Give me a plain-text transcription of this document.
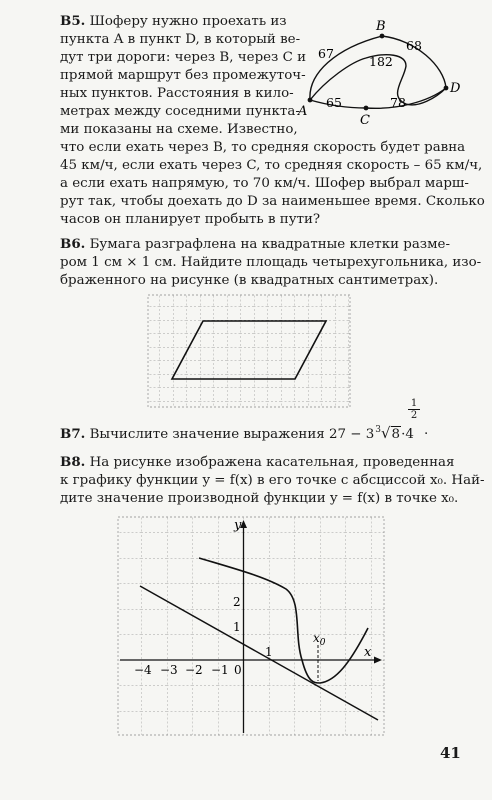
B5. Шоферу нужно проехать из
пункта A в пункт D, в который ве-
дут три дороги: через B, через C и
прямой маршрут без промежуточ-
ных пунктов. Расстояния в кило-
метрах между соседними пункта-
ми показаны на схеме. Известно,
что если ехать через B, то средняя скорость будет равна
45 км/ч, если ехать через C, то средняя скорость – 65 км/ч,
а если ехать напрямую, то 70 км/ч. Шофер выбрал марш-
рут так, чтобы доехать до D за наименьшее время. Сколько
часов он планирует пробыть в пути?
A
B
C
D
67
68
182
65	78
B6. Бумага разграфлена на квадратные клетки разме-
ром 1 см × 1 см. Найдите площадь четырехугольника, изо-
браженного на рисунке (в квадратных сантиметрах).
B7. Вычислите значение выражения $27 - 3^3√8\cdot 4$
$\frac{1}{2}$
.
B8. На рисунке изображена касательная, проведенная
к графику функции y = f(x) в его точке с абсциссой x₀. Най-
дите значение производной функции y = f(x) в точке x₀.
$x_0$
y
x
0
−4 −3 −2 −1
1
1
2
41
